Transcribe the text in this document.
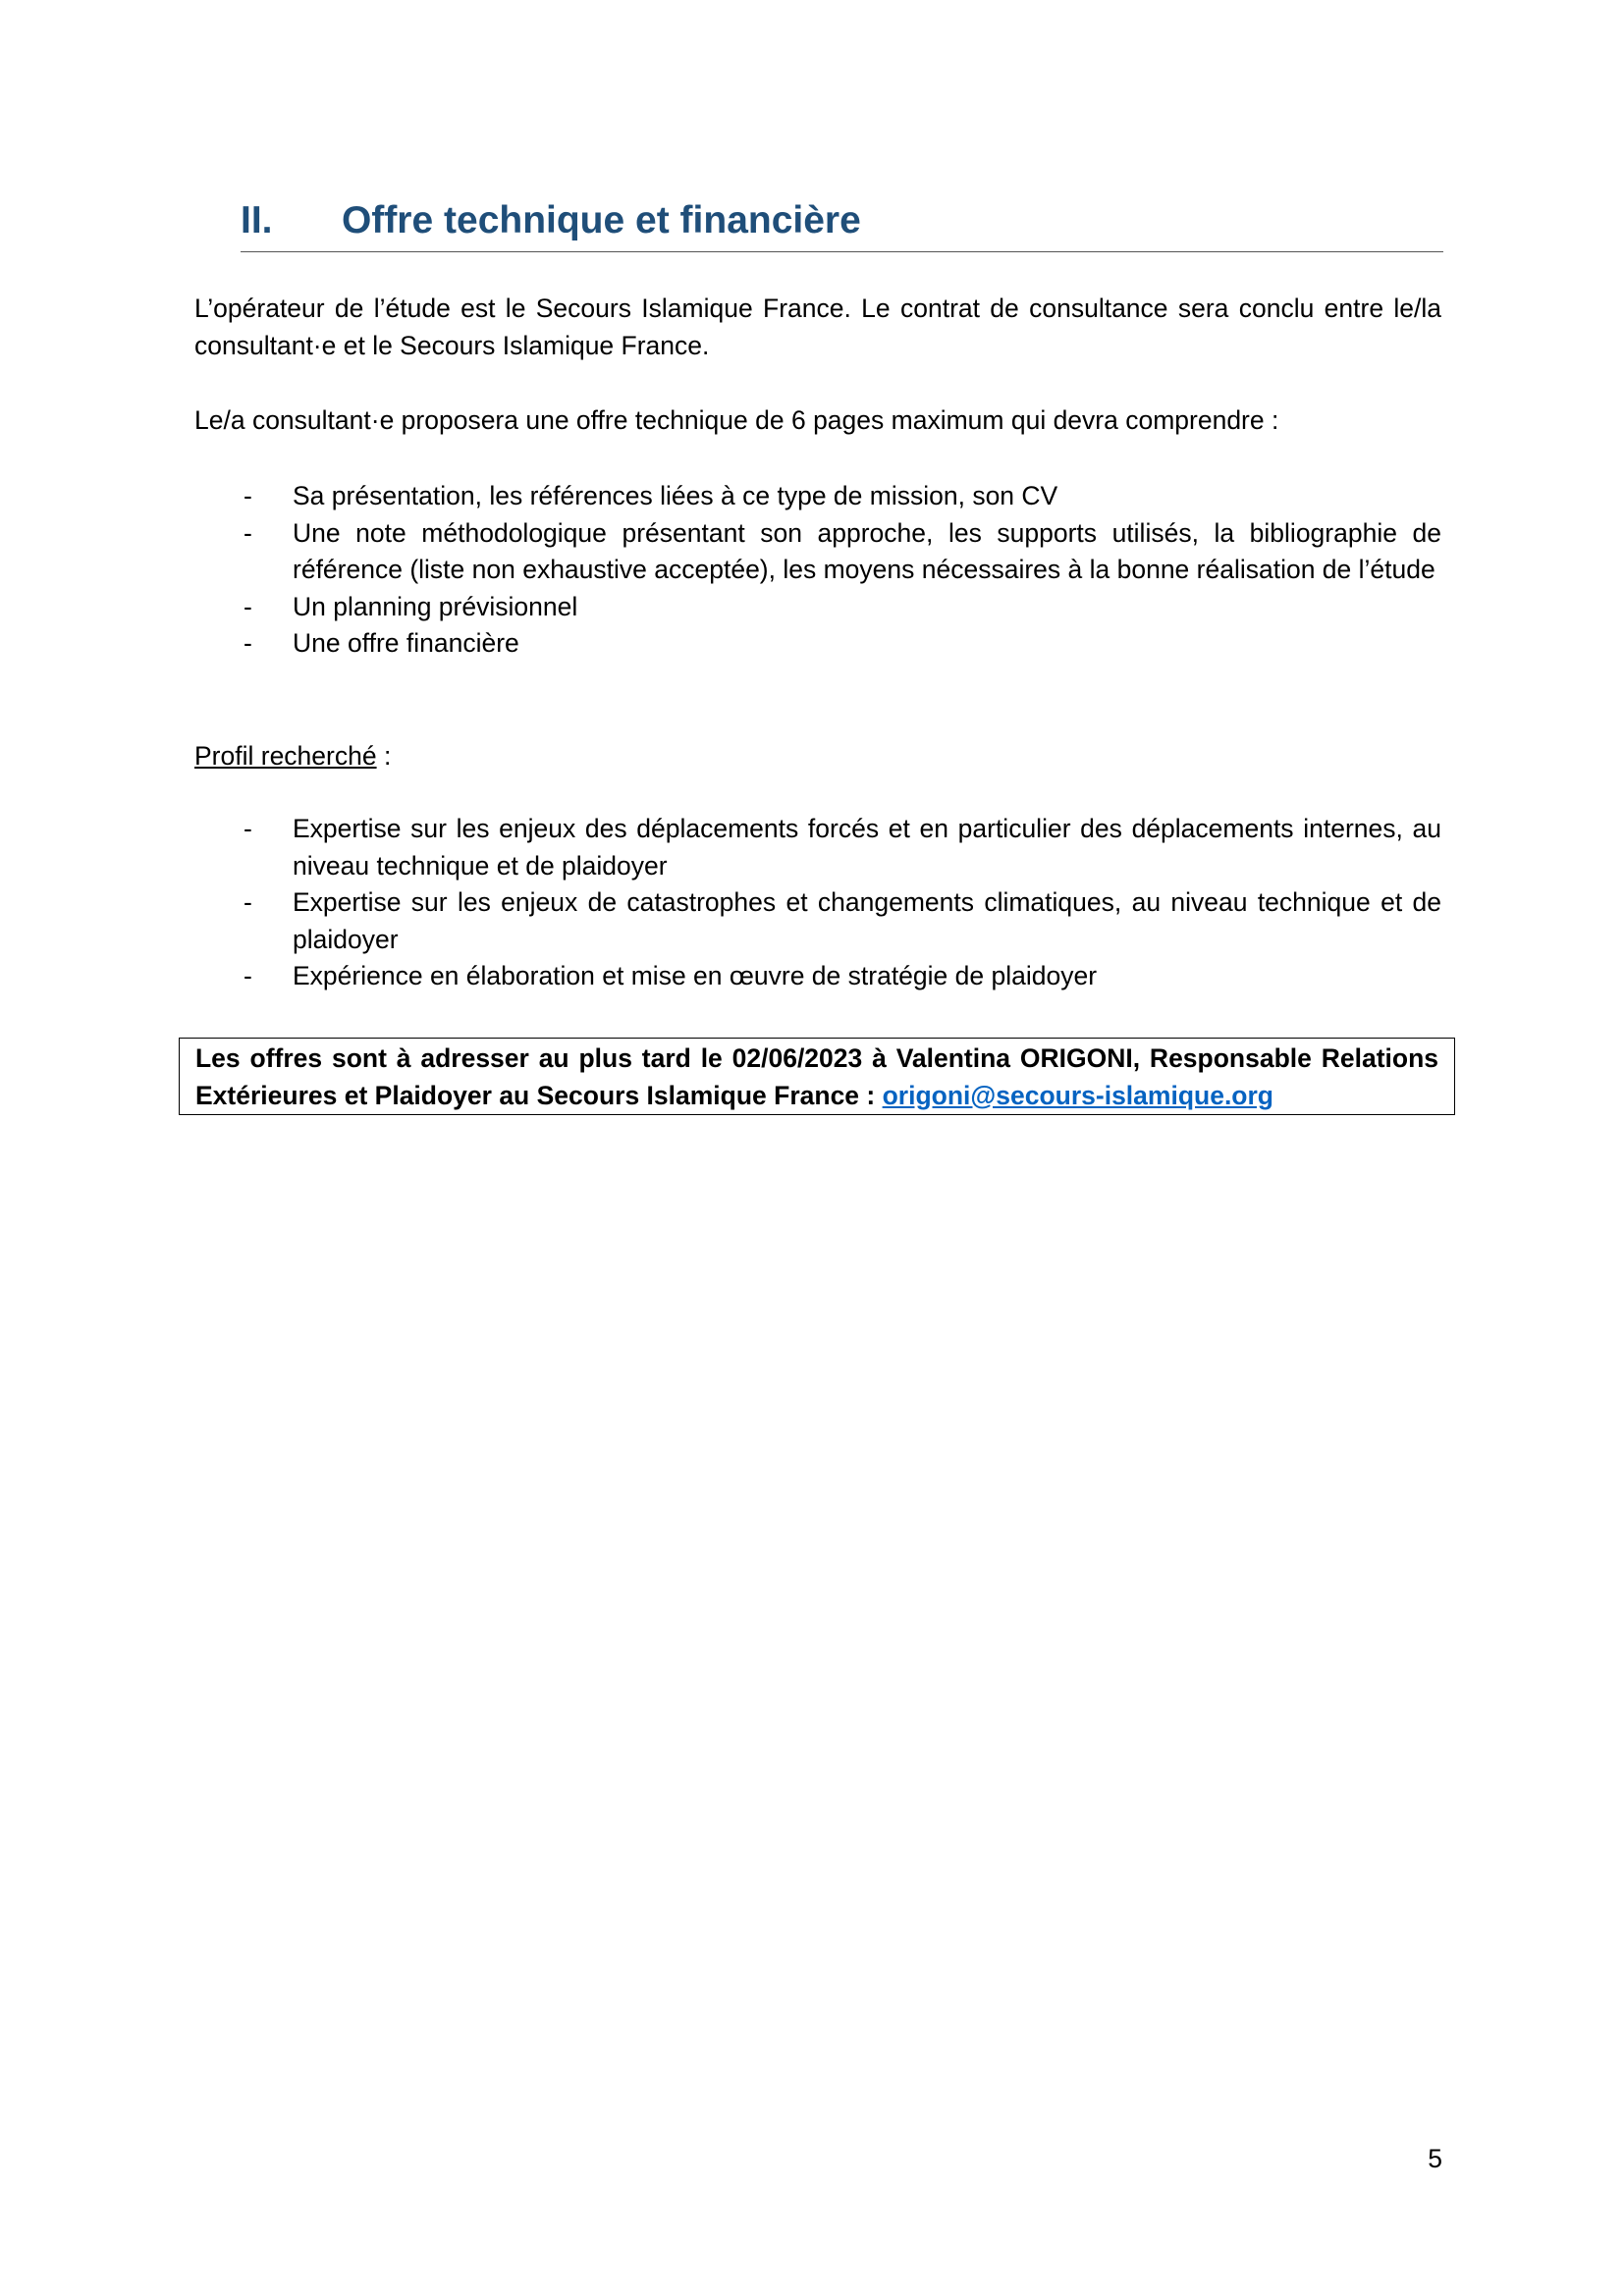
II. Offre technique et financière

L’opérateur de l’étude est le Secours Islamique France. Le contrat de consultance sera conclu entre le/la consultant·e et le Secours Islamique France.

Le/a consultant·e proposera une offre technique de 6 pages maximum qui devra comprendre :

- Sa présentation, les références liées à ce type de mission, son CV
- Une note méthodologique présentant son approche, les supports utilisés, la bibliographie de référence (liste non exhaustive acceptée), les moyens nécessaires à la bonne réalisation de l’étude
- Un planning prévisionnel
- Une offre financière
Profil recherché :
- Expertise sur les enjeux des déplacements forcés et en particulier des déplacements internes, au niveau technique et de plaidoyer
- Expertise sur les enjeux de catastrophes et changements climatiques, au niveau technique et de plaidoyer
- Expérience en élaboration et mise en œuvre de stratégie de plaidoyer
Les offres sont à adresser au plus tard le 02/06/2023 à Valentina ORIGONI, Responsable Relations Extérieures et Plaidoyer au Secours Islamique France : origoni@secours-islamique.org
5
